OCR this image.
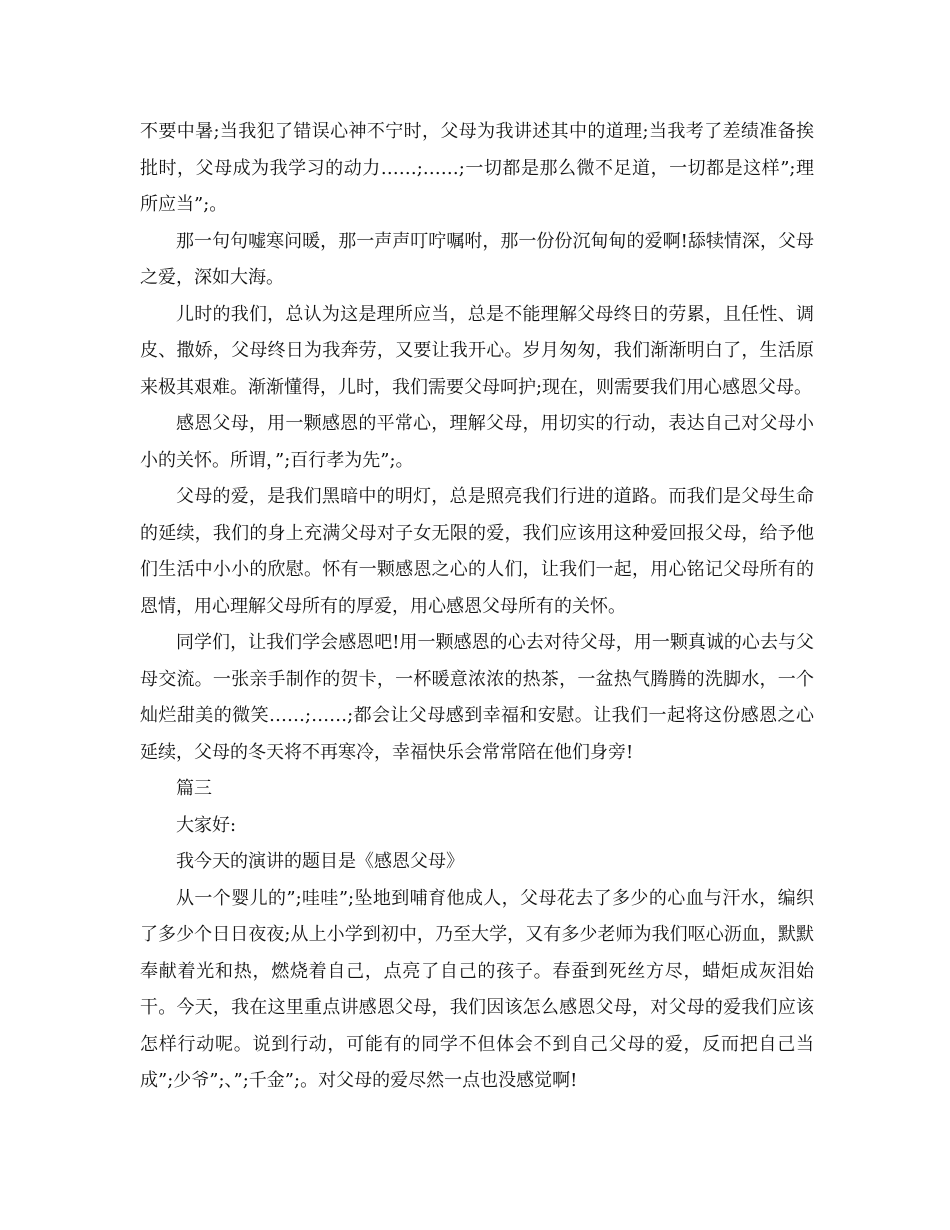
不要中暑;当我犯了错误心神不宁时，父母为我讲述其中的道理;当我考了差绩准备挨批时，父母成为我学习的动力……;……;一切都是那么微不足道，一切都是这样”;理所应当”;。

那一句句嘘寒问暖，那一声声叮咛嘱咐，那一份份沉甸甸的爱啊!舔犊情深，父母之爱，深如大海。

儿时的我们，总认为这是理所应当，总是不能理解父母终日的劳累，且任性、调皮、撒娇，父母终日为我奔劳，又要让我开心。岁月匆匆，我们渐渐明白了，生活原来极其艰难。渐渐懂得，儿时，我们需要父母呵护;现在，则需要我们用心感恩父母。

感恩父母，用一颗感恩的平常心，理解父母，用切实的行动，表达自己对父母小小的关怀。所谓，”;百行孝为先”;。

父母的爱，是我们黑暗中的明灯，总是照亮我们行进的道路。而我们是父母生命的延续，我们的身上充满父母对子女无限的爱，我们应该用这种爱回报父母，给予他们生活中小小的欣慰。怀有一颗感恩之心的人们，让我们一起，用心铭记父母所有的恩情，用心理解父母所有的厚爱，用心感恩父母所有的关怀。

同学们，让我们学会感恩吧!用一颗感恩的心去对待父母，用一颗真诚的心去与父母交流。一张亲手制作的贺卡，一杯暖意浓浓的热茶，一盆热气腾腾的洗脚水，一个灿烂甜美的微笑……;……;都会让父母感到幸福和安慰。让我们一起将这份感恩之心延续，父母的冬天将不再寒冷，幸福快乐会常常陪在他们身旁!

篇三

大家好:

我今天的演讲的题目是《感恩父母》

从一个婴儿的”;哇哇”;坠地到哺育他成人，父母花去了多少的心血与汗水，编织了多少个日日夜夜;从上小学到初中，乃至大学，又有多少老师为我们呕心沥血，默默奉献着光和热，燃烧着自己，点亮了自己的孩子。春蚕到死丝方尽，蜡炬成灰泪始干。今天，我在这里重点讲感恩父母，我们因该怎么感恩父母，对父母的爱我们应该怎样行动呢。说到行动，可能有的同学不但体会不到自己父母的爱，反而把自己当成”;少爷”;、”;千金”;。对父母的爱尽然一点也没感觉啊!
